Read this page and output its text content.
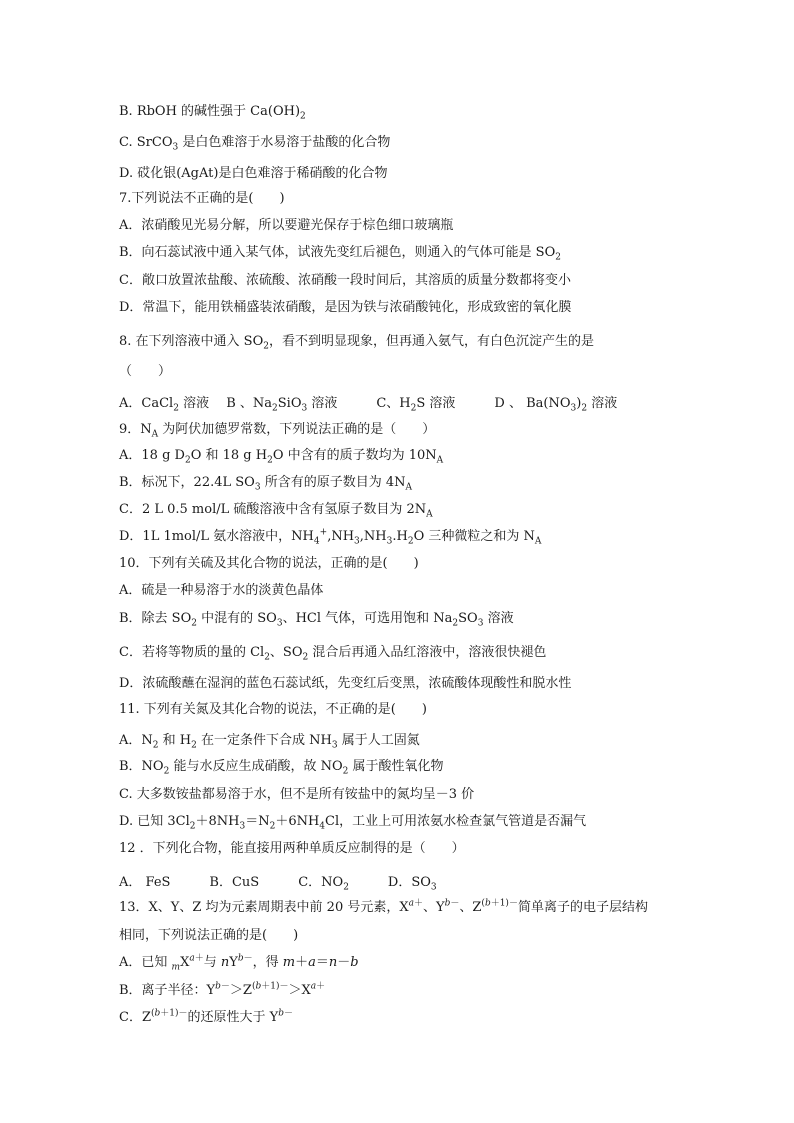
B. RbOH 的碱性强于 $Ca(OH)_2$
C. SrCO$_3$ 是白色难溶于水易溶于盐酸的化合物
D. 砹化银(AgAt)是白色难溶于稀硝酸的化合物
7.下列说法不正确的是(　　)
A．浓硝酸见光易分解，所以要避光保存于棕色细口玻璃瓶
B．向石蕊试液中通入某气体，试液先变红后褪色，则通入的气体可能是 $SO_2$
C．敞口放置浓盐酸、浓硫酸、浓硝酸一段时间后，其溶质的质量分数都将变小
D．常温下，能用铁桶盛装浓硝酸，是因为铁与浓硝酸钝化，形成致密的氧化膜
8. 在下列溶液中通入 $SO_2$，看不到明显现象，但再通入氨气，有白色沉淀产生的是
（　　）
A．CaCl$_2$ 溶液　 B 、$Na_2SiO_3$ 溶液　　　C、$H_2S$ 溶液　　　D 、 $Ba(NO_3)_2$ 溶液
9．$N_A$ 为阿伏加德罗常数，下列说法正确的是（　　）
A．18 g $D_2O$ 和 18 g $H_2O$ 中含有的质子数均为 $10N_A$
B．标况下，22.4L $SO_3$ 所含有的原子数目为 $4N_A$
C．2 L 0.5 mol/L 硫酸溶液中含有氢原子数目为 $2N_A$
D．1L 1mol/L 氨水溶液中，$NH_4^+,NH_3,NH_3.H_2O$ 三种微粒之和为 $N_A$
10．下列有关硫及其化合物的说法，正确的是(　　)
A．硫是一种易溶于水的淡黄色晶体
B．除去 $SO_2$ 中混有的 $SO_3$、HCl 气体，可选用饱和 $Na_2SO_3$ 溶液
C．若将等物质的量的 $Cl_2$、$SO_2$ 混合后再通入品红溶液中，溶液很快褪色
D．浓硫酸蘸在湿润的蓝色石蕊试纸，先变红后变黑，浓硫酸体现酸性和脱水性
11. 下列有关氮及其化合物的说法，不正确的是(　　)
A．$N_2$ 和 $H_2$ 在一定条件下合成 $NH_3$ 属于人工固氮
B．$NO_2$ 能与水反应生成硝酸，故 $NO_2$ 属于酸性氧化物
C. 大多数铵盐都易溶于水，但不是所有铵盐中的氮均呈－3 价
D. 已知 $3Cl_2+8NH_3=N_2+6NH_4Cl$，工业上可用浓氨水检查氯气管道是否漏气
12 ．下列化合物，能直接用两种单质反应制得的是（　　）
A． FeS　　　B．CuS　　　C．$NO_2$　　　D．$SO_3$
13．X、Y、Z 均为元素周期表中前 20 号元素，$X^{a+}$、$Y^{b-}$、$Z^{(b+1)-}$简单离子的电子层结构
相同，下列说法正确的是(　　)
A．已知 $_mX^{a+}$与 $nY^{b-}$，得 m＋a＝n－b
B．离子半径：$Y^{b-}>Z^{(b+1)-}>X^{a+}$
C．$Z^{(b+1)-}$的还原性大于 $Y^{b-}$
